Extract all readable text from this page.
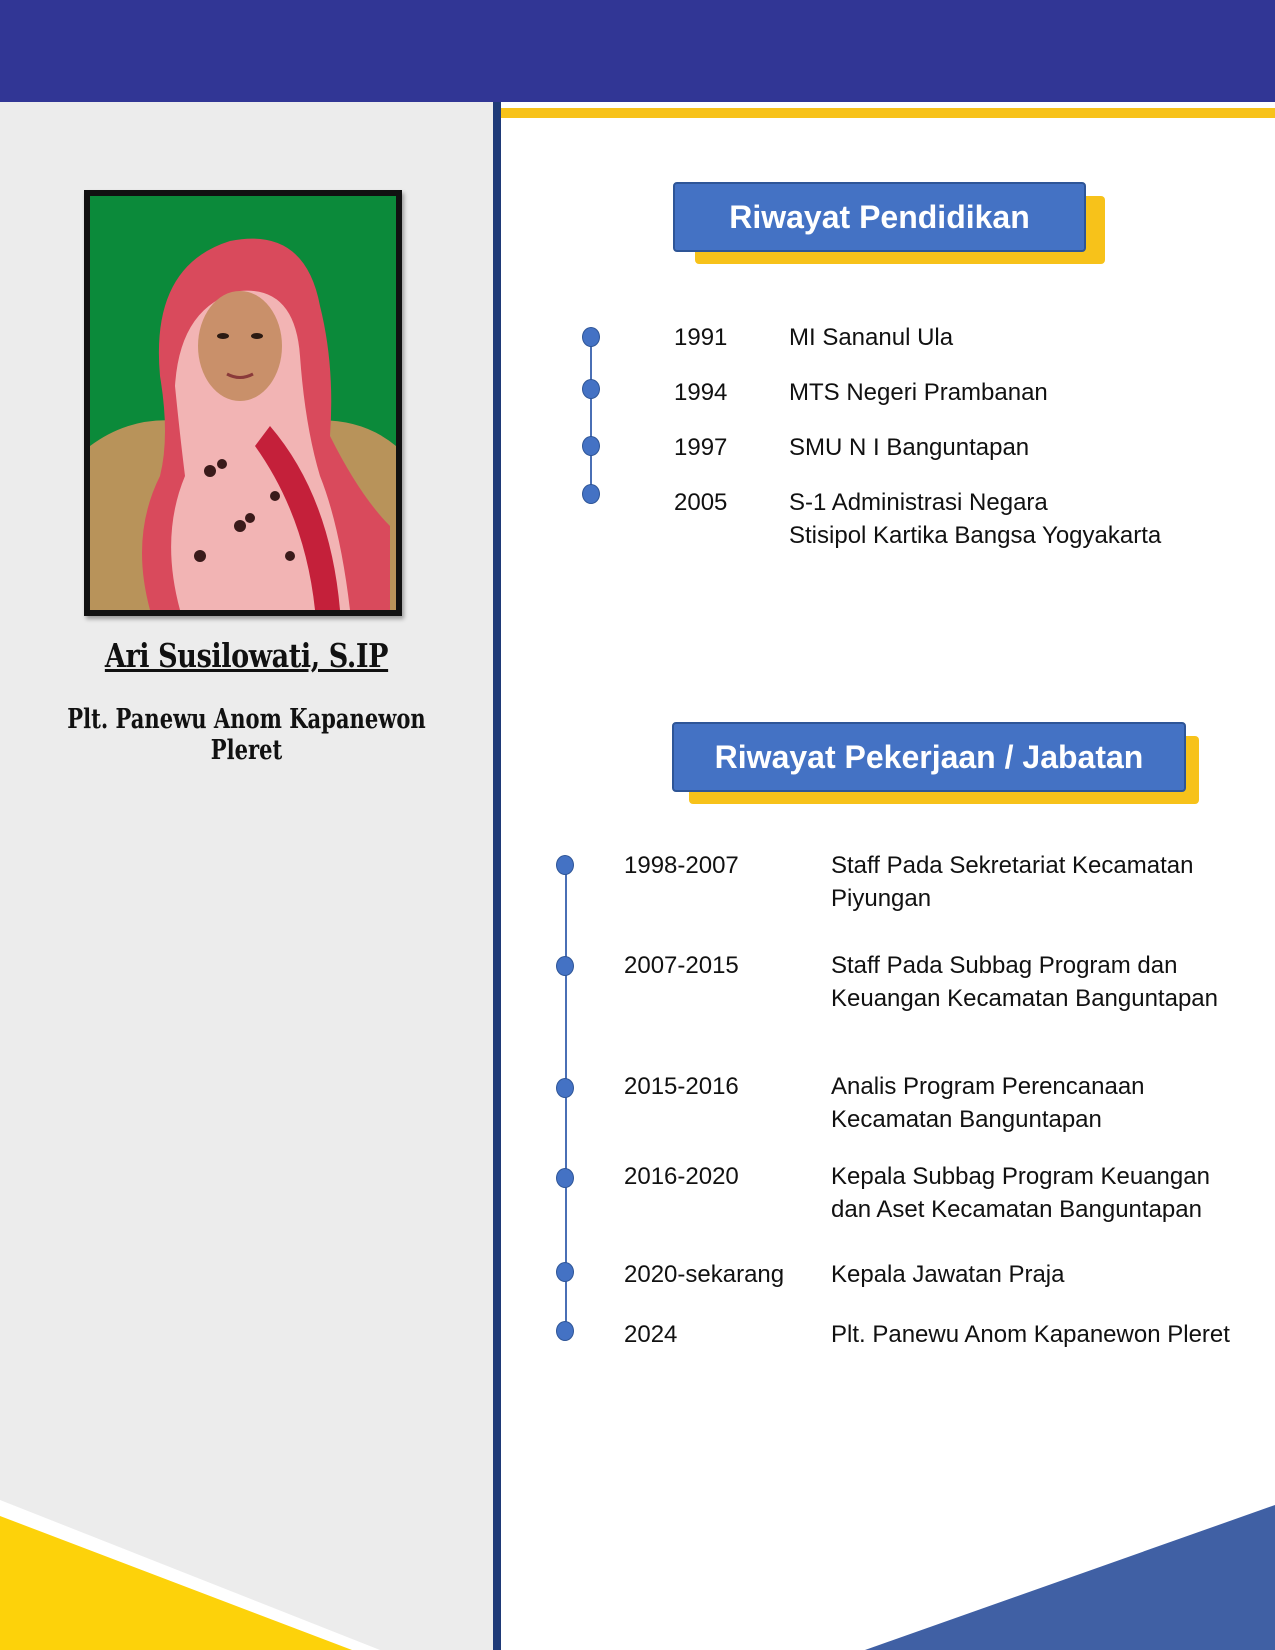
Ari Susilowati, S.IP
Plt. Panewu Anom Kapanewon Pleret
Riwayat Pendidikan
1991	MI Sananul Ula
1994	MTS Negeri Prambanan
1997	SMU N I Banguntapan
2005	S-1 Administrasi Negara
Stisipol Kartika Bangsa Yogyakarta
Riwayat Pekerjaan / Jabatan
1998-2007	Staff Pada Sekretariat Kecamatan
Piyungan
2007-2015	Staff Pada Subbag Program dan
Keuangan Kecamatan Banguntapan
2015-2016	Analis Program Perencanaan
Kecamatan Banguntapan
2016-2020	Kepala Subbag Program Keuangan
dan Aset Kecamatan Banguntapan
2020-sekarang Kepala Jawatan Praja
2024	Plt. Panewu Anom Kapanewon Pleret
